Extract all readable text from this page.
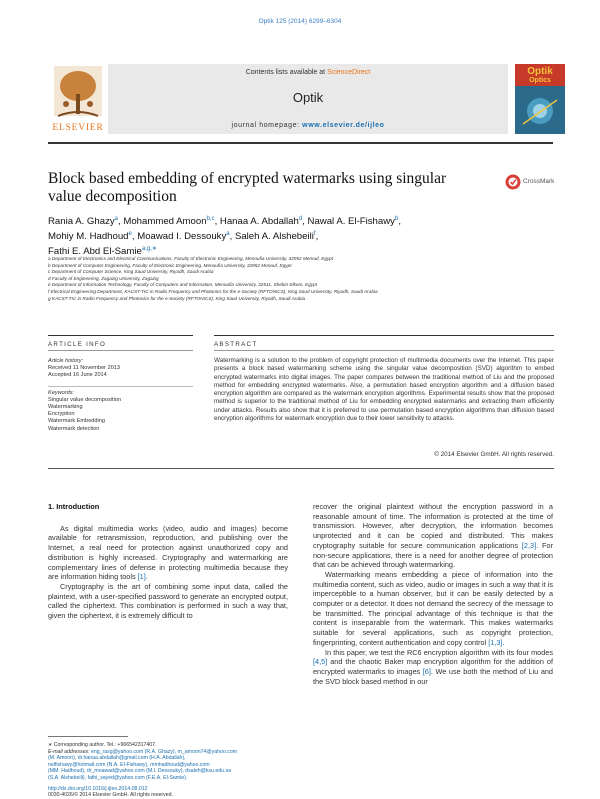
Optik 125 (2014) 6299–6304
ELSEVIER
Contents lists available at ScienceDirect
Optik
journal homepage: www.elsevier.de/ijleo
Optik
Optics
Block based embedding of encrypted watermarks using singular value decomposition
CrossMark
Rania A. Ghazy$^a$, Mohammed Amoon$^{b,c}$, Hanaa A. Abdallah$^d$, Nawal A. El-Fishawy$^b$,
Mohiy M. Hadhoud$^e$, Moawad I. Dessouky$^a$, Saleh A. Alshebeili$^f$,
Fathi E. Abd El-Samie$^{a,g,∗}$
a Department of Electronics and Electrical Communications, Faculty of Electronic Engineering, Menoufia University, 32952 Menouf, Egypt
b Department of Computer Engineering, Faculty of Electronic Engineering, Menoufia University, 32952 Menouf, Egypt
c Department of Computer Science, King Saud University, Riyadh, Saudi Arabia
d Faculty of Engineering, Zagazig University, Zagazig
e Department of Information Technology, Faculty of Computers and Information, Menoufia University, 32511, Shebin Elkom, Egypt
f Electrical Engineering Department, KACST-TIC in Radio Frequency and Photonics for the e-Society (RFTONICS), King Saud University, Riyadh, Saudi Arabia
g KACST-TIC in Radio Frequency and Photonics for the e-Society (RFTONICS), King Saud University, Riyadh, Saudi Arabia
ARTICLE INFO	ABSTRACT
Article history:
Received 11 November 2013
Accepted 16 June 2014
Keywords:
Singular value decomposition
Watermarking
Encryption
Watermark Embedding
Watermark detection
Watermarking is a solution to the problem of copyright protection of multimedia documents over the Internet. This paper presents a block based watermarking scheme using the singular value decomposition (SVD) algorithm to embed encrypted watermarks into digital images. The paper compares between the traditional method of Liu and the proposed method for embedding encrypted watermarks. Also, a permutation based encryption algorithm and a diffusion based encryption algorithm are compared as the watermark encryption algorithms. Experimental results show that the proposed method is superior to the traditional method of Liu for embedding encrypted watermarks and extracting them efficiently under attacks. Results also show that it is preferred to use permutation based encryption algorithms than diffusion based encryption algorithms for watermark encryption due to their lower sensitivity to attacks.
© 2014 Elsevier GmbH. All rights reserved.
1. Introduction

As digital multimedia works (video, audio and images) become available for retransmission, reproduction, and publishing over the Internet, a real need for protection against unauthorized copy and distribution is highly increased. Cryptography and watermarking are complementary lines of defense in protecting multimedia because they are information hiding tools [1].

Cryptography is the art of combining some input data, called the plaintext, with a user-specified password to generate an encrypted output, called the ciphertext. This combination is performed in such a way that, given the ciphertext, it is extremely difficult to

recover the original plaintext without the encryption password in a reasonable amount of time. The information is protected at the time of transmission. However, after decryption, the information becomes unprotected and it can be copied and distributed. This makes cryptography suitable for secure communication applications [2,3]. For non-secure applications, there is a need for another degree of protection that can be achieved through watermarking.

Watermarking means embedding a piece of information into the multimedia content, such as video, audio or images in such a way that it is imperceptible to a human observer, but it can be easily detected by a computer or a detector. It does not demand the secrecy of the message to be transmitted. The principal advantage of this technique is that the content is inseparable from the watermark. This makes watermarks suitable for several applications, such as copyright protection, fingerprinting, content authentication and copy control [1,3].

In this paper, we test the RC6 encryption algorithm with its four modes [4,5] and the chaotic Baker map encryption algorithm for the addition of encrypted watermarks to images [6]. We use both the method of Liu and the SVD block based method in our

∗ Corresponding author. Tel.: +966542317407.
E-mail addresses: eng_rasg@yahoo.com (R.A. Ghazy), m_amoon74@yahoo.com
(M. Amoon), dr.hanaa.abdallah@gmail.com (H.A. Abdallah),
nelfishawy@hotmail.com (N.A. El-Fishawy), mmhadhoud@yahoo.com
(MM. Hadhoud), dr_moawad@yahoo.com (M.I. Dessouky), dsaleh@ksu.edu.sa
(S.A. Alshebeili), fathi_sayed@yahoo.com (F.E.A. El-Samie).
http://dx.doi.org/10.1016/j.ijleo.2014.08.012
0030-4026/© 2014 Elsevier GmbH. All rights reserved.
